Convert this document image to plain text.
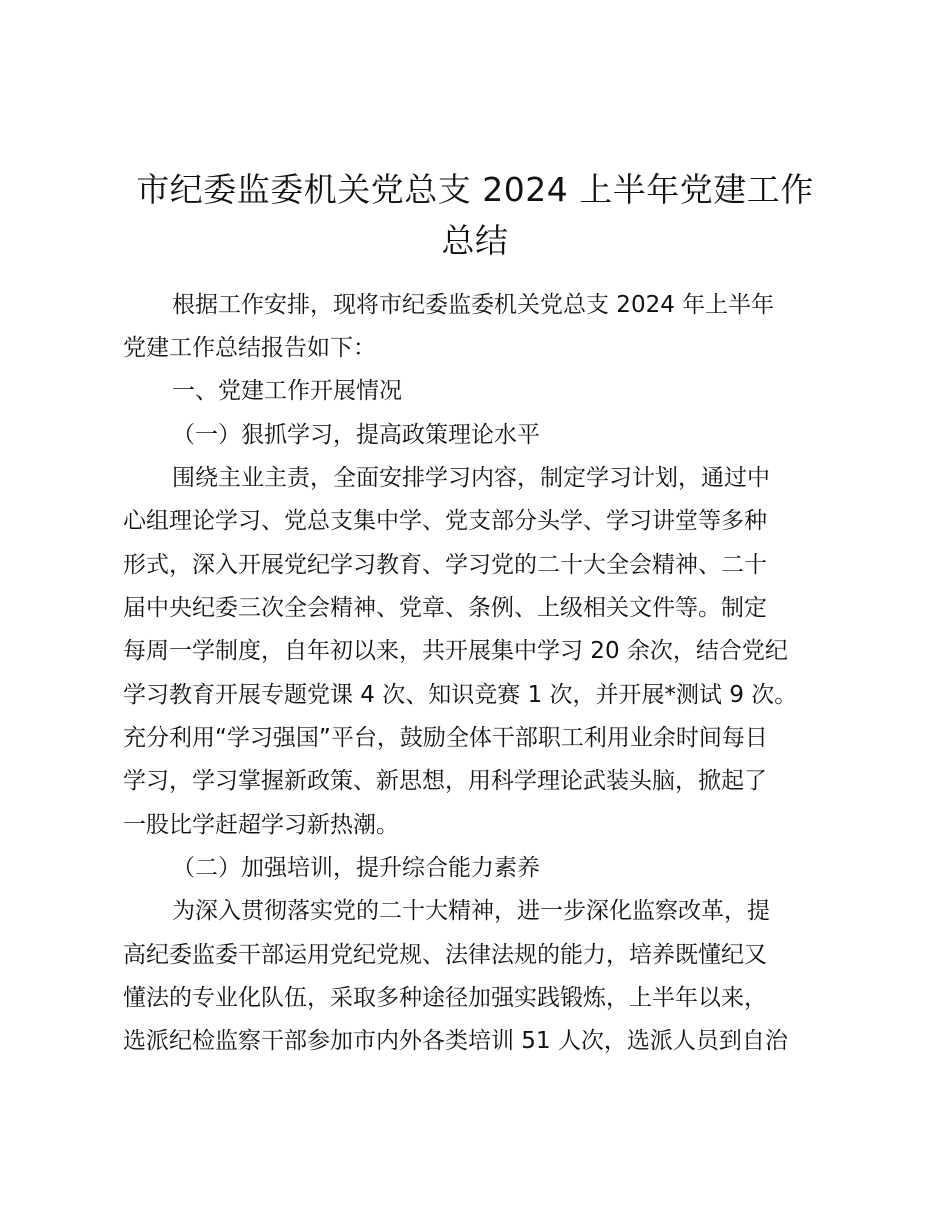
市纪委监委机关党总支 2024 上半年党建工作
总结
根据工作安排，现将市纪委监委机关党总支 2024 年上半年
党建工作总结报告如下：
一、党建工作开展情况
（一）狠抓学习，提高政策理论水平
围绕主业主责，全面安排学习内容，制定学习计划，通过中
心组理论学习、党总支集中学、党支部分头学、学习讲堂等多种
形式，深入开展党纪学习教育、学习党的二十大全会精神、二十
届中央纪委三次全会精神、党章、条例、上级相关文件等。制定
每周一学制度，自年初以来，共开展集中学习 20 余次，结合党纪
学习教育开展专题党课 4 次、知识竞赛 1 次，并开展*测试 9 次。
充分利用“学习强国”平台，鼓励全体干部职工利用业余时间每日
学习，学习掌握新政策、新思想，用科学理论武装头脑，掀起了
一股比学赶超学习新热潮。
（二）加强培训，提升综合能力素养
为深入贯彻落实党的二十大精神，进一步深化监察改革，提
高纪委监委干部运用党纪党规、法律法规的能力，培养既懂纪又
懂法的专业化队伍，采取多种途径加强实践锻炼，上半年以来，
选派纪检监察干部参加市内外各类培训 51 人次，选派人员到自治
